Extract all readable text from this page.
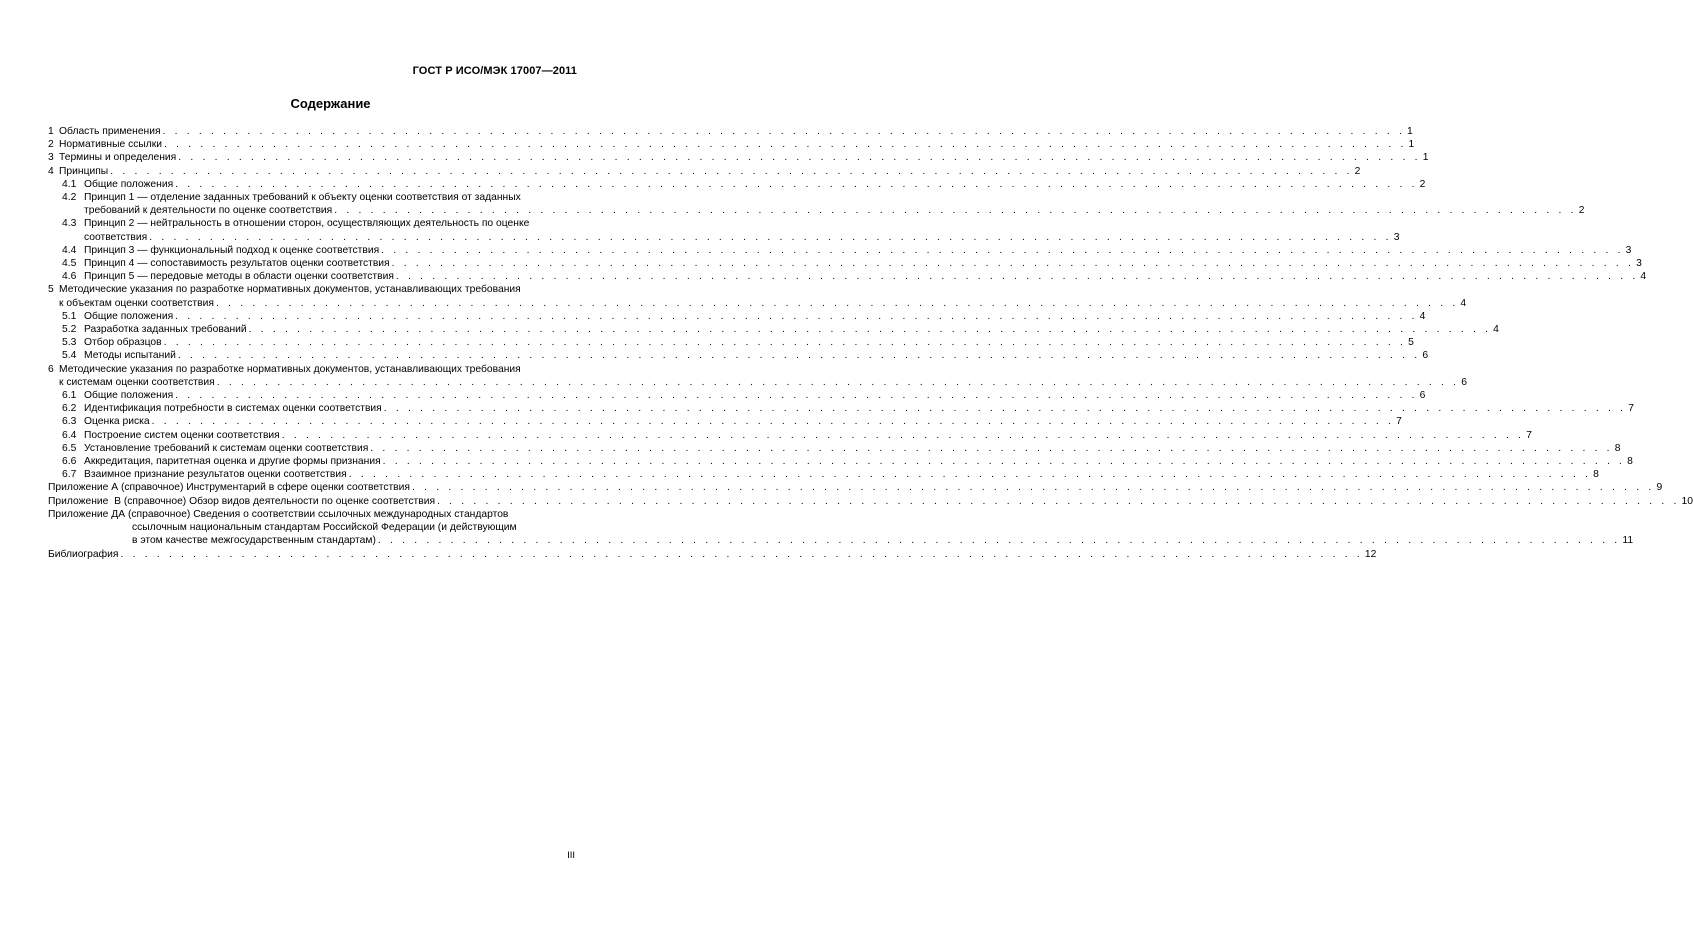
ГОСТ Р ИСО/МЭК 17007—2011
Содержание
1 Область применения . . . . . . . . . . . . . . . . . . . . . . . . . . . . . . . . . . . . . . . . . . . . . . . . . . . . . . . . . . . . . . . . . . . . . . . . . . . . . . . . . . . . . . . . . . . . . . . . . . . . . . . 1
2 Нормативные ссылки . . . . . . . . . . . . . . . . . . . . . . . . . . . . . . . . . . . . . . . . . . . . . . . . . . . . . . . . . . . . . . . . . . . . . . . . . . . . . . . . . . . . . . . . . . . . . . . . . . . . . . . 1
3 Термины и определения . . . . . . . . . . . . . . . . . . . . . . . . . . . . . . . . . . . . . . . . . . . . . . . . . . . . . . . . . . . . . . . . . . . . . . . . . . . . . . . . . . . . . . . . . . . . . . . . . . . . . . . 1
4 Принципы . . . . . . . . . . . . . . . . . . . . . . . . . . . . . . . . . . . . . . . . . . . . . . . . . . . . . . . . . . . . . . . . . . . . . . . . . . . . . . . . . . . . . . . . . . . . . . . . . . . . . . . 2
4.1 Общие положения . . . . . . . . . . . . . . . . . . . . . . . . . . . . . . . . . . . . . . . . . . . . . . . . . . . . . . . . . . . . . . . . . . . . . . . . . . . . . . . . . . . . . . . . . . . . . . . . . . . . . . . 2
4.2 Принцип 1 — отделение заданных требований к объекту оценки соответствия от заданных
требований к деятельности по оценке соответствия . . . . . . . . . . . . . . . . . . . . . . . . . . . . . . . . . . . . . . . . . . . . . . . . . . . . . . . . . . . . . . . . . . . . . . . . . . . . . . . . . . . . . . . . . . . . . . . . . . . . . . . 2
4.3 Принцип 2 — нейтральность в отношении сторон, осуществляющих деятельность по оценке
соответствия . . . . . . . . . . . . . . . . . . . . . . . . . . . . . . . . . . . . . . . . . . . . . . . . . . . . . . . . . . . . . . . . . . . . . . . . . . . . . . . . . . . . . . . . . . . . . . . . . . . . . . . 3
4.4 Принцип 3 — функциональный подход к оценке соответствия . . . . . . . . . . . . . . . . . . . . . . . . . . . . . . . . . . . . . . . . . . . . . . . . . . . . . . . . . . . . . . . . . . . . . . . . . . . . . . . . . . . . . . . . . . . . . . . . . . . . . . . 3
4.5 Принцип 4 — сопоставимость результатов оценки соответствия . . . . . . . . . . . . . . . . . . . . . . . . . . . . . . . . . . . . . . . . . . . . . . . . . . . . . . . . . . . . . . . . . . . . . . . . . . . . . . . . . . . . . . . . . . . . . . . . . . . . . . . 3
4.6 Принцип 5 — передовые методы в области оценки соответствия . . . . . . . . . . . . . . . . . . . . . . . . . . . . . . . . . . . . . . . . . . . . . . . . . . . . . . . . . . . . . . . . . . . . . . . . . . . . . . . . . . . . . . . . . . . . . . . . . . . . . . . 4
5 Методические указания по разработке нормативных документов, устанавливающих требования
к объектам оценки соответствия . . . . . . . . . . . . . . . . . . . . . . . . . . . . . . . . . . . . . . . . . . . . . . . . . . . . . . . . . . . . . . . . . . . . . . . . . . . . . . . . . . . . . . . . . . . . . . . . . . . . . . . 4
5.1 Общие положения . . . . . . . . . . . . . . . . . . . . . . . . . . . . . . . . . . . . . . . . . . . . . . . . . . . . . . . . . . . . . . . . . . . . . . . . . . . . . . . . . . . . . . . . . . . . . . . . . . . . . . . 4
5.2 Разработка заданных требований . . . . . . . . . . . . . . . . . . . . . . . . . . . . . . . . . . . . . . . . . . . . . . . . . . . . . . . . . . . . . . . . . . . . . . . . . . . . . . . . . . . . . . . . . . . . . . . . . . . . . . . 4
5.3 Отбор образцов . . . . . . . . . . . . . . . . . . . . . . . . . . . . . . . . . . . . . . . . . . . . . . . . . . . . . . . . . . . . . . . . . . . . . . . . . . . . . . . . . . . . . . . . . . . . . . . . . . . . . . . 5
5.4 Методы испытаний . . . . . . . . . . . . . . . . . . . . . . . . . . . . . . . . . . . . . . . . . . . . . . . . . . . . . . . . . . . . . . . . . . . . . . . . . . . . . . . . . . . . . . . . . . . . . . . . . . . . . . . 6
6 Методические указания по разработке нормативных документов, устанавливающих требования
к системам оценки соответствия . . . . . . . . . . . . . . . . . . . . . . . . . . . . . . . . . . . . . . . . . . . . . . . . . . . . . . . . . . . . . . . . . . . . . . . . . . . . . . . . . . . . . . . . . . . . . . . . . . . . . . . 6
6.1 Общие положения . . . . . . . . . . . . . . . . . . . . . . . . . . . . . . . . . . . . . . . . . . . . . . . . . . . . . . . . . . . . . . . . . . . . . . . . . . . . . . . . . . . . . . . . . . . . . . . . . . . . . . . 6
6.2 Идентификация потребности в системах оценки соответствия . . . . . . . . . . . . . . . . . . . . . . . . . . . . . . . . . . . . . . . . . . . . . . . . . . . . . . . . . . . . . . . . . . . . . . . . . . . . . . . . . . . . . . . . . . . . . . . . . . . . . . . 7
6.3 Оценка риска . . . . . . . . . . . . . . . . . . . . . . . . . . . . . . . . . . . . . . . . . . . . . . . . . . . . . . . . . . . . . . . . . . . . . . . . . . . . . . . . . . . . . . . . . . . . . . . . . . . . . . . 7
6.4 Построение систем оценки соответствия . . . . . . . . . . . . . . . . . . . . . . . . . . . . . . . . . . . . . . . . . . . . . . . . . . . . . . . . . . . . . . . . . . . . . . . . . . . . . . . . . . . . . . . . . . . . . . . . . . . . . . . 7
6.5 Установление требований к системам оценки соответствия . . . . . . . . . . . . . . . . . . . . . . . . . . . . . . . . . . . . . . . . . . . . . . . . . . . . . . . . . . . . . . . . . . . . . . . . . . . . . . . . . . . . . . . . . . . . . . . . . . . . . . . 8
6.6 Аккредитация, паритетная оценка и другие формы признания . . . . . . . . . . . . . . . . . . . . . . . . . . . . . . . . . . . . . . . . . . . . . . . . . . . . . . . . . . . . . . . . . . . . . . . . . . . . . . . . . . . . . . . . . . . . . . . . . . . . . . . 8
6.7 Взаимное признание результатов оценки соответствия . . . . . . . . . . . . . . . . . . . . . . . . . . . . . . . . . . . . . . . . . . . . . . . . . . . . . . . . . . . . . . . . . . . . . . . . . . . . . . . . . . . . . . . . . . . . . . . . . . . . . . . 8
Приложение А (справочное) Инструментарий в сфере оценки соответствия . . . . . . . . . . . . . . . . . . . . . . . . . . . . . . . . . . . . . . . . . . . . . . . . . . . . . . . . . . . . . . . . . . . . . . . . . . . . . . . . . . . . . . . . . . . . . . . . . . . . . . . 9
Приложение  В (справочное) Обзор видов деятельности по оценке соответствия . . . . . . . . . . . . . . . . . . . . . . . . . . . . . . . . . . . . . . . . . . . . . . . . . . . . . . . . . . . . . . . . . . . . . . . . . . . . . . . . . . . . . . . . . . . . . . . . . . . . . . . 10
Приложение ДА (справочное) Сведения о соответствии ссылочных международных стандартов
ссылочным национальным стандартам Российской Федерации (и действующим
в этом качестве межгосударственным стандартам) . . . . . . . . . . . . . . . . . . . . . . . . . . . . . . . . . . . . . . . . . . . . . . . . . . . . . . . . . . . . . . . . . . . . . . . . . . . . . . . . . . . . . . . . . . . . . . . . . . . . . . . 11
Библиография . . . . . . . . . . . . . . . . . . . . . . . . . . . . . . . . . . . . . . . . . . . . . . . . . . . . . . . . . . . . . . . . . . . . . . . . . . . . . . . . . . . . . . . . . . . . . . . . . . . . . . . 12
III
